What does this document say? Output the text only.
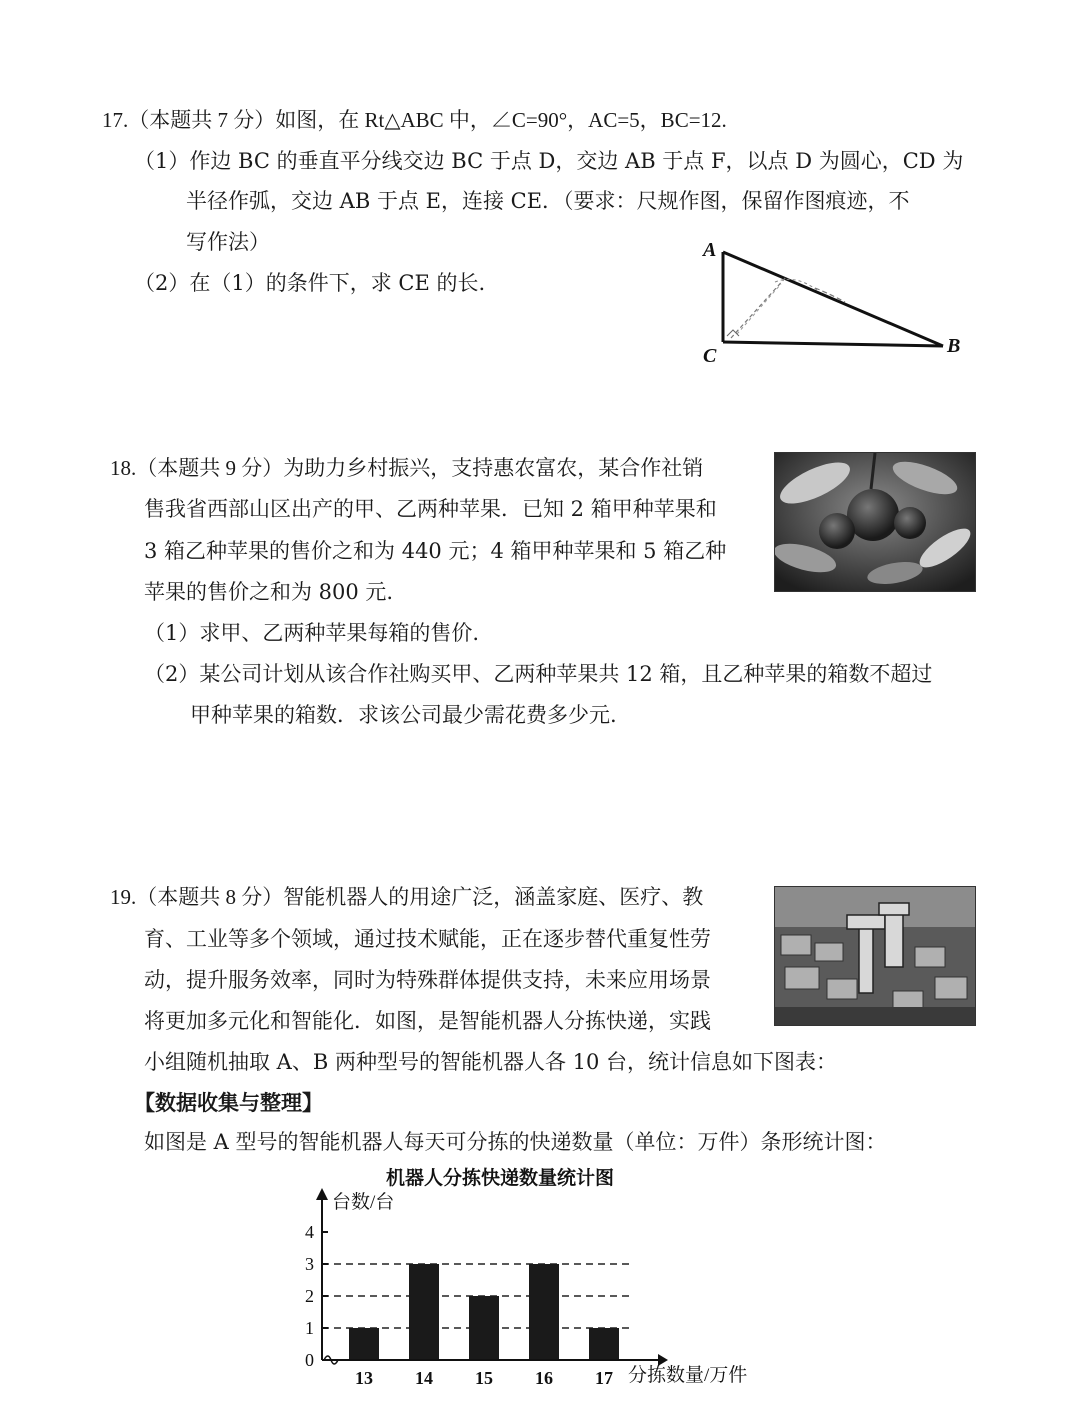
17.（本题共 7 分）如图，在 Rt△ABC 中，∠C=90°，AC=5，BC=12.
（1）作边 BC 的垂直平分线交边 BC 于点 D，交边 AB 于点 F，以点 D 为圆心，CD 为
半径作弧，交边 AB 于点 E，连接 CE．（要求：尺规作图，保留作图痕迹，不
写作法）
（2）在（1）的条件下，求 CE 的长.
A
C	B
18.（本题共 9 分）为助力乡村振兴，支持惠农富农，某合作社销
售我省西部山区出产的甲、乙两种苹果．已知 2 箱甲种苹果和
3 箱乙种苹果的售价之和为 440 元；4 箱甲种苹果和 5 箱乙种
苹果的售价之和为 800 元.
（1）求甲、乙两种苹果每箱的售价.
（2）某公司计划从该合作社购买甲、乙两种苹果共 12 箱，且乙种苹果的箱数不超过
甲种苹果的箱数．求该公司最少需花费多少元.
19.（本题共 8 分）智能机器人的用途广泛，涵盖家庭、医疗、教
育、工业等多个领域，通过技术赋能，正在逐步替代重复性劳
动，提升服务效率，同时为特殊群体提供支持，未来应用场景
将更加多元化和智能化．如图，是智能机器人分拣快递，实践
小组随机抽取 A、B 两种型号的智能机器人各 10 台，统计信息如下图表：
【数据收集与整理】
如图是 A 型号的智能机器人每天可分拣的快递数量（单位：万件）条形统计图：
机器人分拣快递数量统计图
台数/台
分拣数量/万件
0
1
2
3
4
13 14 15 16 17
